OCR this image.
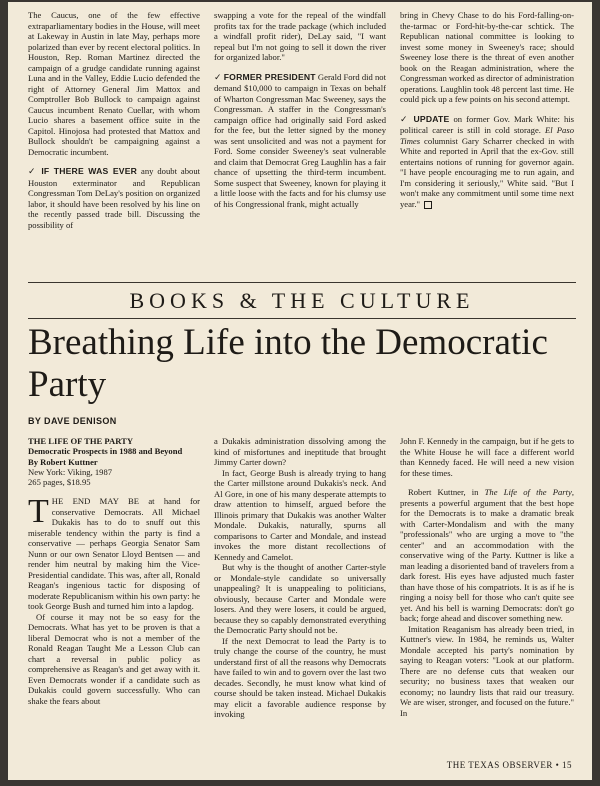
The Caucus, one of the few effective extraparliamentary bodies in the House, will meet at Lakeway in Austin in late May, perhaps more polarized than ever by recent electoral politics. In Houston, Rep. Roman Martinez directed the campaign of a grudge candidate running against Luna and in the Valley, Eddie Lucio defended the right of Attorney General Jim Mattox and Comptroller Bob Bullock to campaign against Caucus incumbent Renato Cuellar, with whom Lucio shares a basement office suite in the Capitol. Hinojosa had protested that Mattox and Bullock shouldn't be campaigning against a Democratic incumbent.

✓ IF THERE WAS EVER any doubt about Houston exterminator and Republican Congressman Tom DeLay's position on organized labor, it should have been resolved by his line on the recently passed trade bill. Discussing the possibility of

swapping a vote for the repeal of the windfall profits tax for the trade package (which included a windfall profit rider), DeLay said, "I want repeal but I'm not going to sell it down the river for organized labor."

✓ FORMER PRESIDENT Gerald Ford did not demand $10,000 to campaign in Texas on behalf of Wharton Congressman Mac Sweeney, says the Congressman. A staffer in the Congressman's campaign office had originally said Ford asked for the fee, but the letter signed by the money was sent unsolicited and was not a payment for Ford. Some consider Sweeney's seat vulnerable and claim that Democrat Greg Laughlin has a fair chance of upsetting the third-term incumbent. Some suspect that Sweeney, known for playing it a little loose with the facts and for his clumsy use of his Congressional frank, might actually

bring in Chevy Chase to do his Ford-falling-on-the-tarmac or Ford-hit-by-the-car schtick. The Republican national committee is looking to invest some money in Sweeney's race; should Sweeney lose there is the threat of even another book on the Reagan administration, where the Congressman worked as director of administration operations. Laughlin took 48 percent last time. He could pick up a few points on his second attempt.

✓ UPDATE on former Gov. Mark White: his political career is still in cold storage. El Paso Times columnist Gary Scharrer checked in with White and reported in April that the ex-Gov. still entertains notions of running for governor again. "I have people encouraging me to run again, and I'm considering it seriously," White said. "But I won't make any commitment until some time next year."

BOOKS & THE CULTURE
Breathing Life into the Democratic Party
BY DAVE DENISON
THE LIFE OF THE PARTY
Democratic Prospects in 1988 and Beyond
By Robert Kuttner
New York: Viking, 1987
265 pages, $18.95

THE END MAY BE at hand for conservative Democrats. All Michael Dukakis has to do to snuff out this miserable tendency within the party is find a conservative — perhaps Georgia Senator Sam Nunn or our own Senator Lloyd Bentsen — and render him neutral by making him the Vice-Presidential candidate. This was, after all, Ronald Reagan's ingenious tactic for disposing of moderate Republicanism within his own party: he took George Bush and turned him into a lapdog.

Of course it may not be so easy for the Democrats. What has yet to be proven is that a liberal Democrat who is not a member of the Ronald Reagan Taught Me a Lesson Club can chart a reversal in public policy as comprehensive as Reagan's and get away with it. Even Democrats wonder if a candidate such as Dukakis could govern successfully. Who can shake the fears about

a Dukakis administration dissolving among the kind of misfortunes and ineptitude that brought Jimmy Carter down?

In fact, George Bush is already trying to hang the Carter millstone around Dukakis's neck. And Al Gore, in one of his many desperate attempts to draw attention to himself, argued before the Illinois primary that Dukakis was another Walter Mondale. Dukakis, naturally, spurns all comparisons to Carter and Mondale, and instead invokes the more distant recollections of Kennedy and Camelot.

But why is the thought of another Carter-style or Mondale-style candidate so universally unappealing? It is unappealing to politicians, obviously, because Carter and Mondale were losers. And they were losers, it could be argued, because they so capably demonstrated everything the Democratic Party should not be.

If the next Democrat to lead the Party is to truly change the course of the country, he must understand first of all the reasons why Democrats have failed to win and to govern over the last two decades. Secondly, he must know what kind of course should be taken instead. Michael Dukakis may elicit a favorable audience response by invoking

John F. Kennedy in the campaign, but if he gets to the White House he will face a different world than Kennedy faced. He will need a new vision for these times.

Robert Kuttner, in The Life of the Party, presents a powerful argument that the best hope for the Democrats is to make a dramatic break with Carter-Mondalism and with the many "professionals" who are urging a move to "the center" and an accommodation with the conservative wing of the Party. Kuttner is like a man leading a disoriented band of travelers from a dark forest. His eyes have adjusted much faster than have those of his compatriots. It is as if he is ringing a noisy bell for those who can't quite see yet. And his bell is warning Democrats: don't go back; forge ahead and discover something new.

Imitation Reaganism has already been tried, in Kuttner's view. In 1984, he reminds us, Walter Mondale accepted his party's nomination by saying to Reagan voters: "Look at our platform. There are no defense cuts that weaken our security; no business taxes that weaken our economy; no laundry lists that raid our treasury. We are wiser, stronger, and focused on the future." In

THE TEXAS OBSERVER • 15
